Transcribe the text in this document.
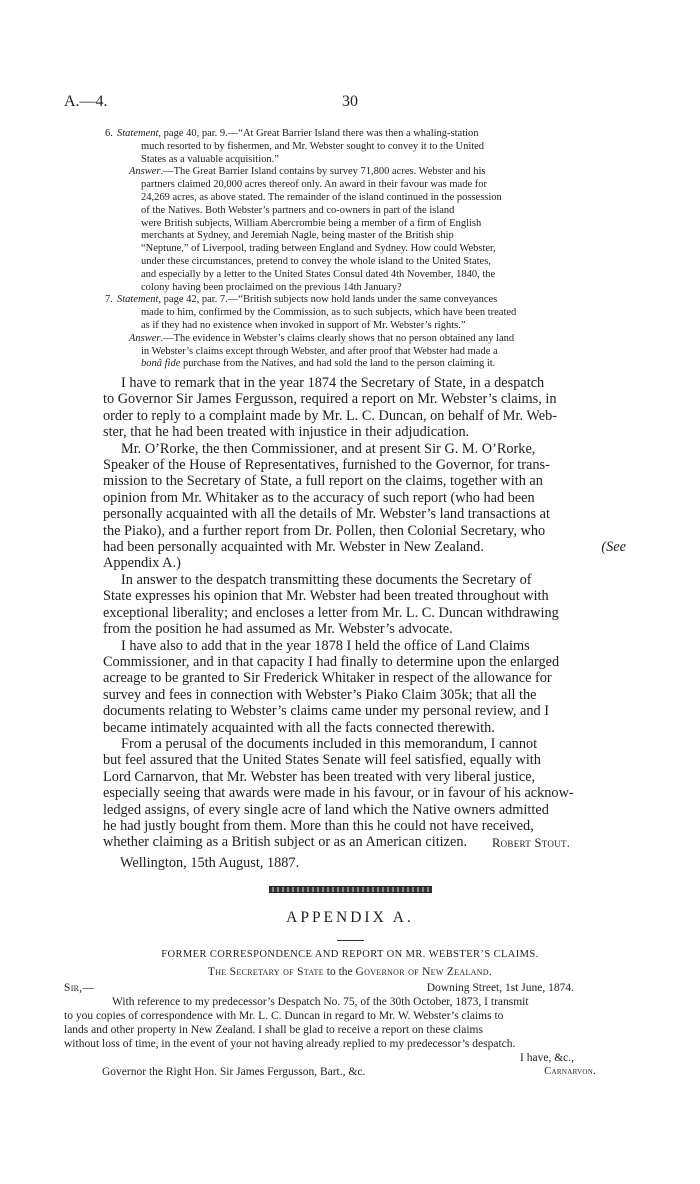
A.—4.	30
6. Statement, page 40, par. 9.—“At Great Barrier Island there was then a whaling-station
much resorted to by fishermen, and Mr. Webster sought to convey it to the United
States as a valuable acquisition.”
Answer.—The Great Barrier Island contains by survey 71,800 acres. Webster and his
partners claimed 20,000 acres thereof only. An award in their favour was made for
24,269 acres, as above stated. The remainder of the island continued in the possession
of the Natives. Both Webster’s partners and co-owners in part of the island
were British subjects, William Abercrombie being a member of a firm of English
merchants at Sydney, and Jeremiah Nagle, being master of the British ship
“Neptune,” of Liverpool, trading between England and Sydney. How could Webster,
under these circumstances, pretend to convey the whole island to the United States,
and especially by a letter to the United States Consul dated 4th November, 1840, the
colony having been proclaimed on the previous 14th January?
7. Statement, page 42, par. 7.—“British subjects now hold lands under the same conveyances
made to him, confirmed by the Commission, as to such subjects, which have been treated
as if they had no existence when invoked in support of Mr. Webster’s rights.”
Answer.—The evidence in Webster’s claims clearly shows that no person obtained any land
in Webster’s claims except through Webster, and after proof that Webster had made a
bonâ fide purchase from the Natives, and had sold the land to the person claiming it.
I have to remark that in the year 1874 the Secretary of State, in a despatch
to Governor Sir James Fergusson, required a report on Mr. Webster’s claims, in
order to reply to a complaint made by Mr. L. C. Duncan, on behalf of Mr. Web-
ster, that he had been treated with injustice in their adjudication.
Mr. O’Rorke, the then Commissioner, and at present Sir G. M. O’Rorke,
Speaker of the House of Representatives, furnished to the Governor, for trans-
mission to the Secretary of State, a full report on the claims, together with an
opinion from Mr. Whitaker as to the accuracy of such report (who had been
personally acquainted with all the details of Mr. Webster’s land transactions at
the Piako), and a further report from Dr. Pollen, then Colonial Secretary, who
had been personally acquainted with Mr. Webster in New Zealand.	(See
Appendix A.)
In answer to the despatch transmitting these documents the Secretary of
State expresses his opinion that Mr. Webster had been treated throughout with
exceptional liberality; and encloses a letter from Mr. L. C. Duncan withdrawing
from the position he had assumed as Mr. Webster’s advocate.
I have also to add that in the year 1878 I held the office of Land Claims
Commissioner, and in that capacity I had finally to determine upon the enlarged
acreage to be granted to Sir Frederick Whitaker in respect of the allowance for
survey and fees in connection with Webster’s Piako Claim 305k; that all the
documents relating to Webster’s claims came under my personal review, and I
became intimately acquainted with all the facts connected therewith.
From a perusal of the documents included in this memorandum, I cannot
but feel assured that the United States Senate will feel satisfied, equally with
Lord Carnarvon, that Mr. Webster has been treated with very liberal justice,
especially seeing that awards were made in his favour, or in favour of his acknow-
ledged assigns, of every single acre of land which the Native owners admitted
he had justly bought from them. More than this he could not have received,
whether claiming as a British subject or as an American citizen.	Robert Stout.
Wellington, 15th August, 1887.
APPENDIX A.
FORMER CORRESPONDENCE AND REPORT ON MR. WEBSTER’S CLAIMS.
The Secretary of State to the Governor of New Zealand.
Sir,—	Downing Street, 1st June, 1874.
With reference to my predecessor’s Despatch No. 75, of the 30th October, 1873, I transmit
to you copies of correspondence with Mr. L. C. Duncan in regard to Mr. W. Webster’s claims to
lands and other property in New Zealand. I shall be glad to receive a report on these claims
without loss of time, in the event of your not having already replied to my predecessor’s despatch.
I have, &c.,
Governor the Right Hon. Sir James Fergusson, Bart., &c.	Carnarvon.
